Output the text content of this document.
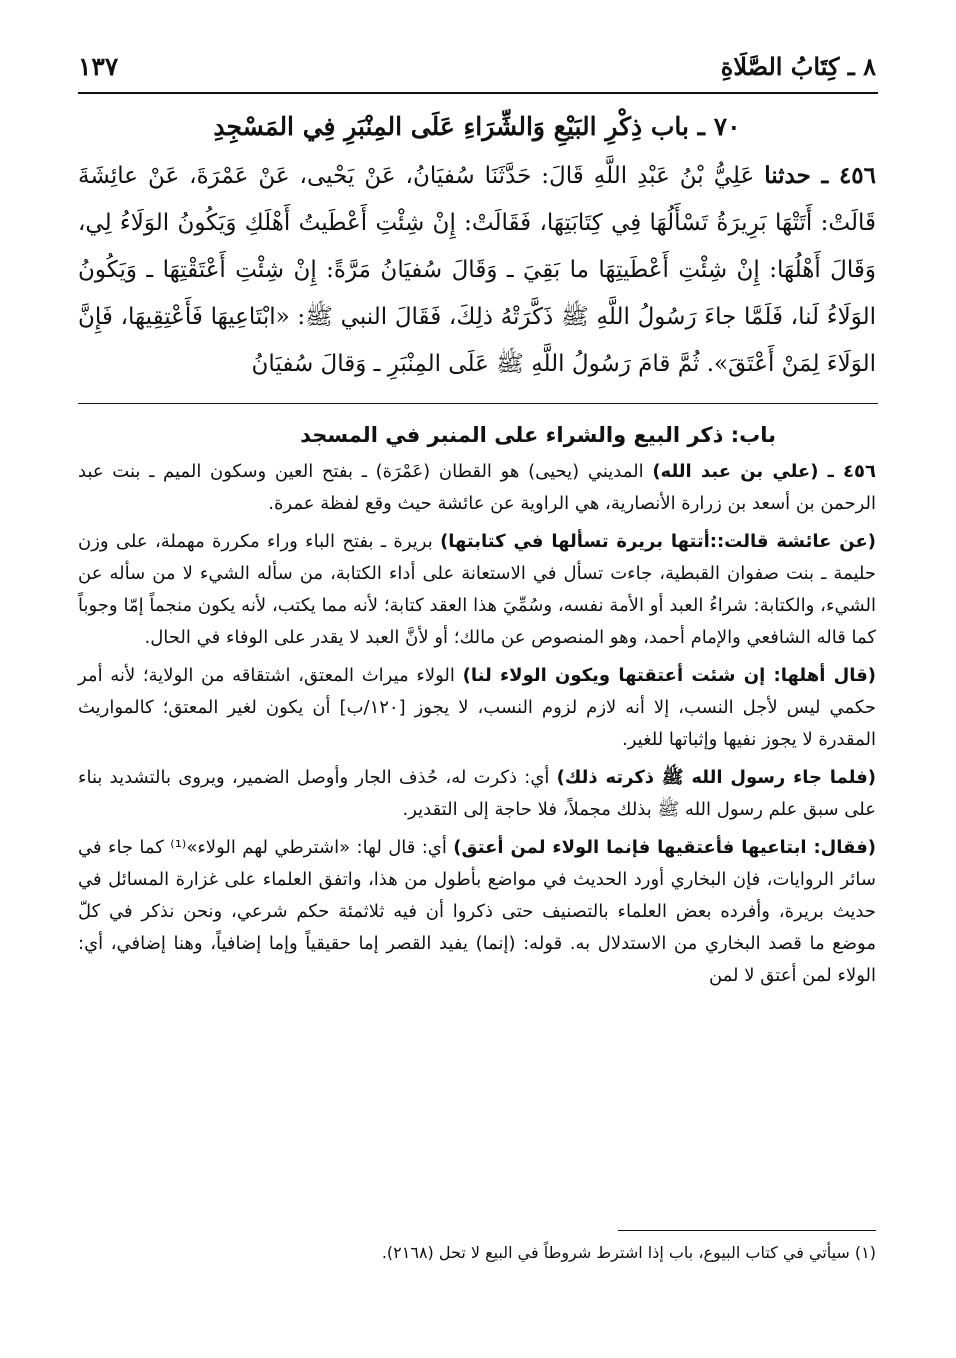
٨ ـ كِتَابُ الصَّلَاةِ
١٣٧

٧٠ ـ باب ذِكْرِ البَيْعِ وَالشِّرَاءِ عَلَى المِنْبَرِ فِي المَسْجِدِ

٤٥٦ ـ حدثنا عَلِيُّ بْنُ عَبْدِ اللَّهِ قَالَ: حَدَّثَنَا سُفيَانُ، عَنْ يَحْيى، عَنْ عَمْرَةَ، عَنْ عائِشَةَ قَالَتْ: أَتَتْهَا بَرِيرَةُ تَسْأَلُهَا فِي كِتَابَتِهَا، فَقَالَتْ: إِنْ شِئْتِ أَعْطَيتُ أَهْلَكِ وَيَكُونُ الوَلَاءُ لِي، وَقَالَ أَهْلُهَا: إِنْ شِئْتِ أَعْطَيتِهَا ما بَقِيَ ـ وَقَالَ سُفيَانُ مَرَّةً: إِنْ شِئْتِ أَعْتَقْتِهَا ـ وَيَكُونُ الوَلَاءُ لَنا، فَلَمَّا جاءَ رَسُولُ اللَّهِ ﷺ ذَكَّرَتْهُ ذلِكَ، فَقَالَ النبي ﷺ: «ابْتَاعِيهَا فَأَعْتِقِيهَا، فَإِنَّ الوَلَاءَ لِمَنْ أَعْتَقَ». ثُمَّ قامَ رَسُولُ اللَّهِ ﷺ عَلَى المِنْبَرِ ـ وَقالَ سُفيَانُ

باب: ذكر البيع والشراء على المنبر في المسجد

٤٥٦ ـ (علي بن عبد الله) المديني (يحيى) هو القطان (عَمْرَة) ـ بفتح العين وسكون الميم ـ بنت عبد الرحمن بن أسعد بن زرارة الأنصارية، هي الراوية عن عائشة حيث وقع لفظة عمرة.

(عن عائشة قالت::أتتها بريرة تسألها في كتابتها) بريرة ـ بفتح الباء وراء مكررة مهملة، على وزن حليمة ـ بنت صفوان القبطية، جاءت تسأل في الاستعانة على أداء الكتابة، من سأله الشيء لا من سأله عن الشيء، والكتابة: شراءُ العبد أو الأمة نفسه، وسُمِّيَ هذا العقد كتابة؛ لأنه مما يكتب، لأنه يكون منجماً إمّا وجوباً كما قاله الشافعي والإمام أحمد، وهو المنصوص عن مالك؛ أو لأنَّ العبد لا يقدر على الوفاء في الحال.

(قال أهلها: إن شئت أعتقتها ويكون الولاء لنا) الولاء ميراث المعتق، اشتقاقه من الولاية؛ لأنه أمر حكمي ليس لأجل النسب، إلا أنه لازم لزوم النسب، لا يجوز [١٢٠/ب] أن يكون لغير المعتق؛ كالمواريث المقدرة لا يجوز نفيها وإثباتها للغير.

(فلما جاء رسول الله ﷺ ذكرته ذلك) أي: ذكرت له، حُذف الجار وأوصل الضمير، ويروى بالتشديد بناء على سبق علم رسول الله ﷺ بذلك مجملاً، فلا حاجة إلى التقدير.

(فقال: ابتاعيها فأعتقيها فإنما الولاء لمن أعتق) أي: قال لها: «اشترطي لهم الولاء»⁽¹⁾ كما جاء في سائر الروايات، فإن البخاري أورد الحديث في مواضع بأطول من هذا، واتفق العلماء على غزارة المسائل في حديث بريرة، وأفرده بعض العلماء بالتصنيف حتى ذكروا أن فيه ثلاثمئة حكم شرعي، ونحن نذكر في كلّ موضع ما قصد البخاري من الاستدلال به. قوله: (إنما) يفيد القصر إما حقيقياً وإما إضافياً، وهنا إضافي، أي: الولاء لمن أعتق لا لمن

(١) سيأتي في كتاب البيوع، باب إذا اشترط شروطاً في البيع لا تحل (٢١٦٨).
